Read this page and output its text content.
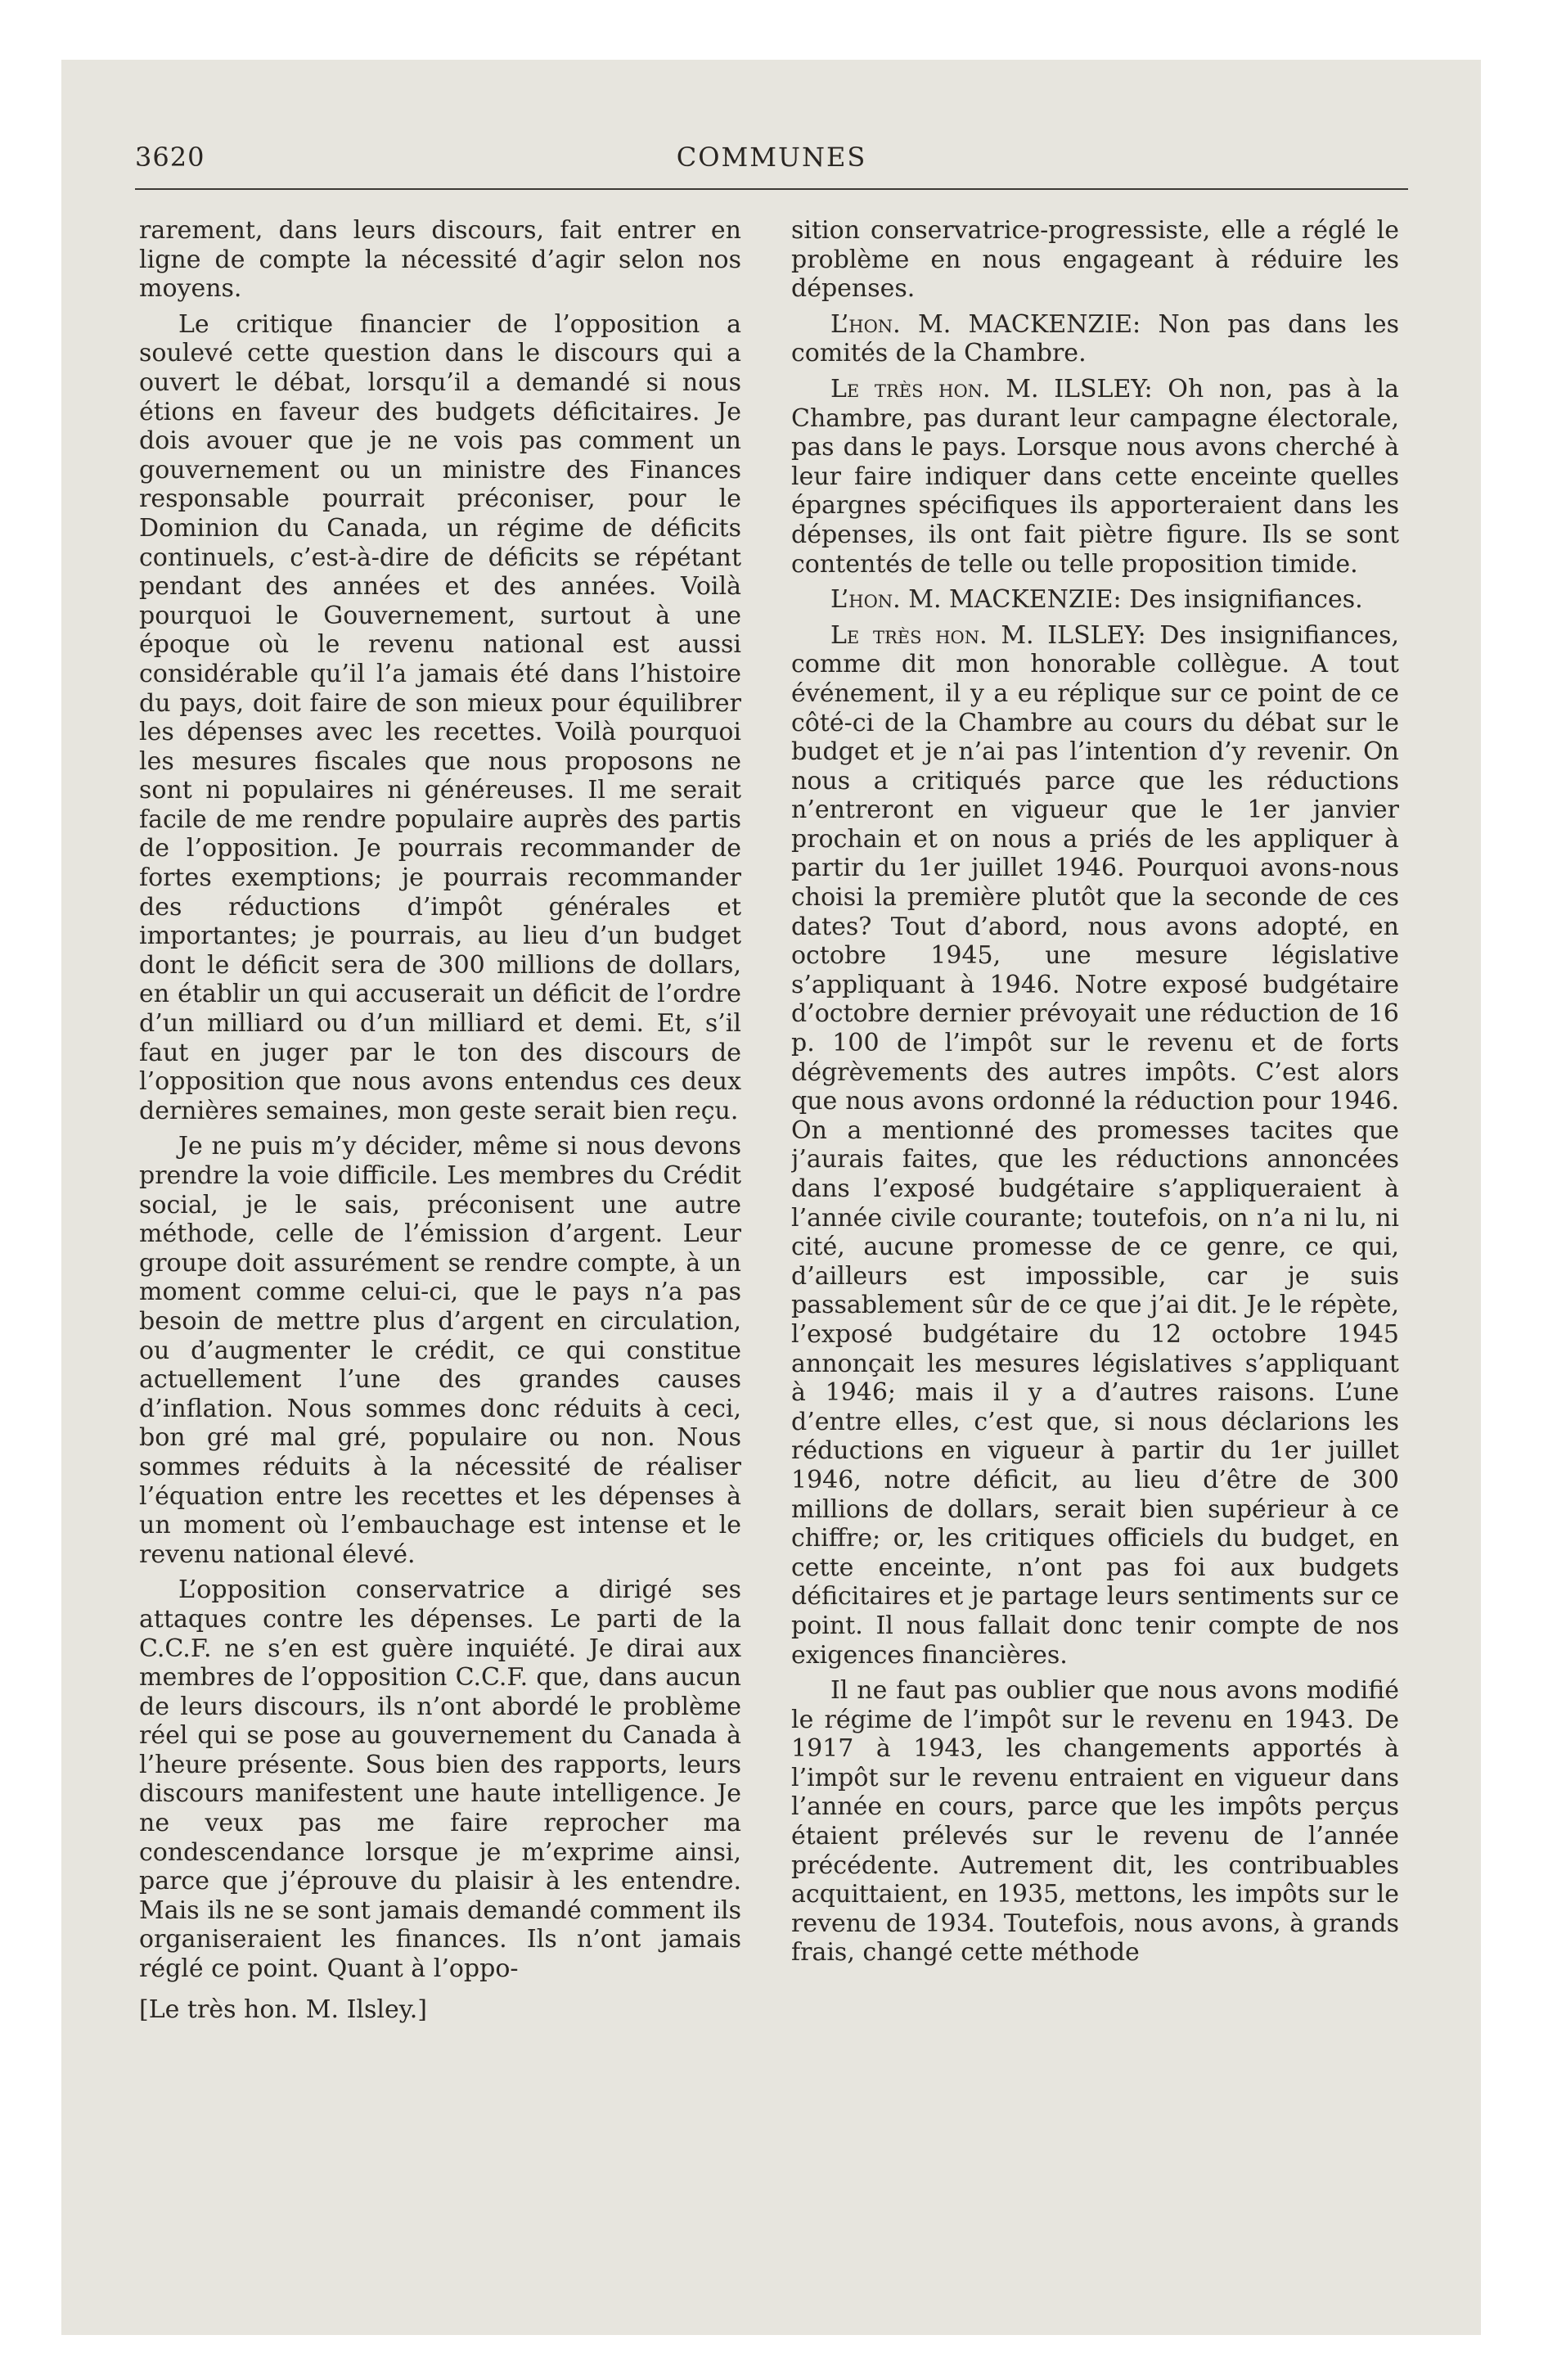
3620	COMMUNES

rarement, dans leurs discours, fait entrer en ligne de compte la nécessité d’agir selon nos moyens.

Le critique financier de l’opposition a soulevé cette question dans le discours qui a ouvert le débat, lorsqu’il a demandé si nous étions en faveur des budgets déficitaires. Je dois avouer que je ne vois pas comment un gouvernement ou un ministre des Finances responsable pourrait préconiser, pour le Dominion du Canada, un régime de déficits continuels, c’est-à-dire de déficits se répétant pendant des années et des années. Voilà pourquoi le Gouvernement, surtout à une époque où le revenu national est aussi considérable qu’il l’a jamais été dans l’histoire du pays, doit faire de son mieux pour équilibrer les dépenses avec les recettes. Voilà pourquoi les mesures fiscales que nous proposons ne sont ni populaires ni généreuses. Il me serait facile de me rendre populaire auprès des partis de l’opposition. Je pourrais recommander de fortes exemptions; je pourrais recommander des réductions d’impôt générales et importantes; je pourrais, au lieu d’un budget dont le déficit sera de 300 millions de dollars, en établir un qui accuserait un déficit de l’ordre d’un milliard ou d’un milliard et demi. Et, s’il faut en juger par le ton des discours de l’opposition que nous avons entendus ces deux dernières semaines, mon geste serait bien reçu.

Je ne puis m’y décider, même si nous devons prendre la voie difficile. Les membres du Crédit social, je le sais, préconisent une autre méthode, celle de l’émission d’argent. Leur groupe doit assurément se rendre compte, à un moment comme celui-ci, que le pays n’a pas besoin de mettre plus d’argent en circulation, ou d’augmenter le crédit, ce qui constitue actuellement l’une des grandes causes d’inflation. Nous sommes donc réduits à ceci, bon gré mal gré, populaire ou non. Nous sommes réduits à la nécessité de réaliser l’équation entre les recettes et les dépenses à un moment où l’embauchage est intense et le revenu national élevé.

L’opposition conservatrice a dirigé ses attaques contre les dépenses. Le parti de la C.C.F. ne s’en est guère inquiété. Je dirai aux membres de l’opposition C.C.F. que, dans aucun de leurs discours, ils n’ont abordé le problème réel qui se pose au gouvernement du Canada à l’heure présente. Sous bien des rapports, leurs discours manifestent une haute intelligence. Je ne veux pas me faire reprocher ma condescendance lorsque je m’exprime ainsi, parce que j’éprouve du plaisir à les entendre. Mais ils ne se sont jamais demandé comment ils organiseraient les finances. Ils n’ont jamais réglé ce point. Quant à l’oppo-

[Le très hon. M. Ilsley.]

sition conservatrice-progressiste, elle a réglé le problème en nous engageant à réduire les dépenses.

L’hon. M. MACKENZIE: Non pas dans les comités de la Chambre.

Le très hon. M. ILSLEY: Oh non, pas à la Chambre, pas durant leur campagne électorale, pas dans le pays. Lorsque nous avons cherché à leur faire indiquer dans cette enceinte quelles épargnes spécifiques ils apporteraient dans les dépenses, ils ont fait piètre figure. Ils se sont contentés de telle ou telle proposition timide.

L’hon. M. MACKENZIE: Des insignifiances.

Le très hon. M. ILSLEY: Des insignifiances, comme dit mon honorable collègue. A tout événement, il y a eu réplique sur ce point de ce côté-ci de la Chambre au cours du débat sur le budget et je n’ai pas l’intention d’y revenir. On nous a critiqués parce que les réductions n’entreront en vigueur que le 1er janvier prochain et on nous a priés de les appliquer à partir du 1er juillet 1946. Pourquoi avons-nous choisi la première plutôt que la seconde de ces dates? Tout d’abord, nous avons adopté, en octobre 1945, une mesure législative s’appliquant à 1946. Notre exposé budgétaire d’octobre dernier prévoyait une réduction de 16 p. 100 de l’impôt sur le revenu et de forts dégrèvements des autres impôts. C’est alors que nous avons ordonné la réduction pour 1946. On a mentionné des promesses tacites que j’aurais faites, que les réductions annoncées dans l’exposé budgétaire s’appliqueraient à l’année civile courante; toutefois, on n’a ni lu, ni cité, aucune promesse de ce genre, ce qui, d’ailleurs est impossible, car je suis passablement sûr de ce que j’ai dit. Je le répète, l’exposé budgétaire du 12 octobre 1945 annonçait les mesures législatives s’appliquant à 1946; mais il y a d’autres raisons. L’une d’entre elles, c’est que, si nous déclarions les réductions en vigueur à partir du 1er juillet 1946, notre déficit, au lieu d’être de 300 millions de dollars, serait bien supérieur à ce chiffre; or, les critiques officiels du budget, en cette enceinte, n’ont pas foi aux budgets déficitaires et je partage leurs sentiments sur ce point. Il nous fallait donc tenir compte de nos exigences financières.

Il ne faut pas oublier que nous avons modifié le régime de l’impôt sur le revenu en 1943. De 1917 à 1943, les changements apportés à l’impôt sur le revenu entraient en vigueur dans l’année en cours, parce que les impôts perçus étaient prélevés sur le revenu de l’année précédente. Autrement dit, les contribuables acquittaient, en 1935, mettons, les impôts sur le revenu de 1934. Toutefois, nous avons, à grands frais, changé cette méthode
